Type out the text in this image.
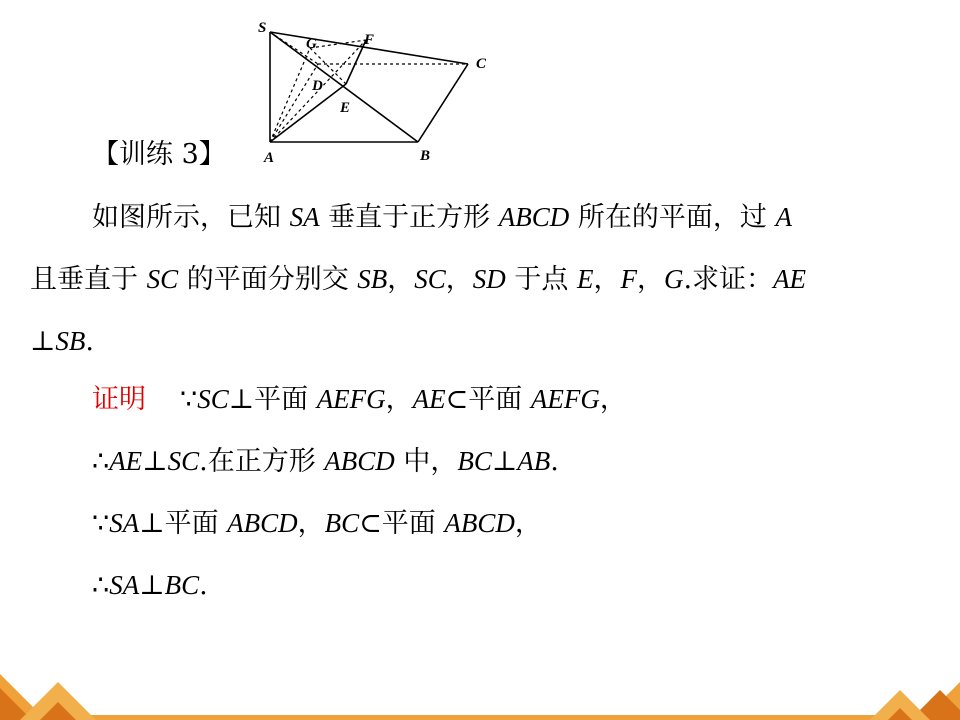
S
G	F
C
D
E
A	B
【训练 3】
如图所示，已知 SA 垂直于正方形 ABCD 所在的平面，过 A
且垂直于 SC 的平面分别交 SB，SC，SD 于点 E，F，G.求证：AE
⊥SB.
证明 ∵SC⊥平面 AEFG，AE⊂平面 AEFG，
∴AE⊥SC.在正方形 ABCD 中，BC⊥AB.
∵SA⊥平面 ABCD，BC⊂平面 ABCD，
∴SA⊥BC.
